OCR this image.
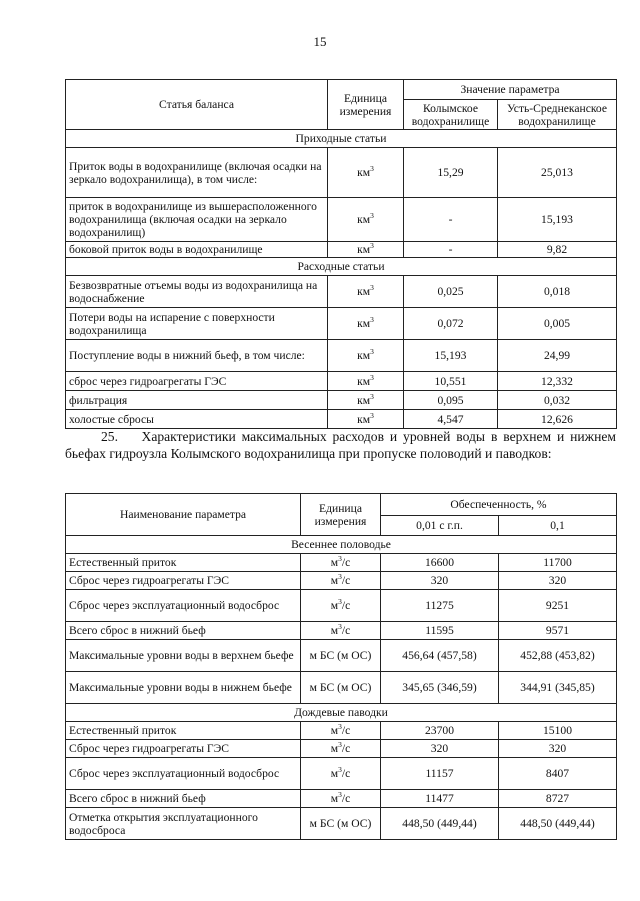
15
Статья баланса	Единица измерения	Значение параметра	
		Колымское водохранилище	Усть-Среднеканское водохранилище
Приходные статьи			
Приток воды в водохранилище (включая осадки на зеркало водохранилища), в том числе:	$км^3$	15,29	25,013
приток в водохранилище из вышерасположенного водохранилища (включая осадки на зеркало водохранилищ)	$км^3$	-	15,193
боковой приток воды в водохранилище	$км^3$	-	9,82
Расходные статьи			
Безвозвратные отъемы воды из водохранилища на водоснабжение	$км^3$	0,025	0,018
Потери воды на испарение с поверхности водохранилища	$км^3$	0,072	0,005
Поступление воды в нижний бьеф, в том числе:	$км^3$	15,193	24,99
сброс через гидроагрегаты ГЭС	$км^3$	10,551	12,332
фильтрация	$км^3$	0,095	0,032
холостые сбросы	$км^3$	4,547	12,626
25. Характеристики максимальных расходов и уровней воды в верхнем и нижнем бьефах гидроузла Колымского водохранилища при пропуске половодий и паводков:
Наименование параметра	Единица измерения	Обеспеченность, %	
		0,01 с г.п.	0,1
Весеннее половодье			
Естественный приток	$м^3/с$	16600	11700
Сброс через гидроагрегаты ГЭС	$м^3/с$	320	320
Сброс через эксплуатационный водосброс	$м^3/с$	11275	9251
Всего сброс в нижний бьеф	$м^3/с$	11595	9571
Максимальные уровни воды в верхнем бьефе	м БС (м ОС)	456,64 (457,58)	452,88 (453,82)
Максимальные уровни воды в нижнем бьефе	м БС (м ОС)	345,65 (346,59)	344,91 (345,85)
Дождевые паводки			
Естественный приток	$м^3/с$	23700	15100
Сброс через гидроагрегаты ГЭС	$м^3/с$	320	320
Сброс через эксплуатационный водосброс	$м^3/с$	11157	8407
Всего сброс в нижний бьеф	$м^3/с$	11477	8727
Отметка открытия эксплуатационного водосброса	м БС (м ОС)	448,50 (449,44)	448,50 (449,44)
